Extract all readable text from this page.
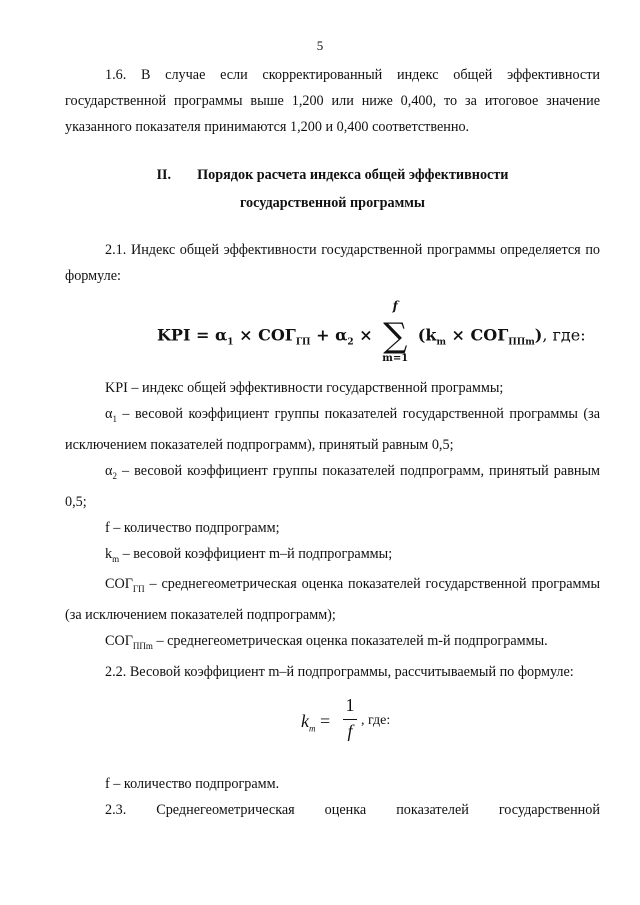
5

1.6. В случае если скорректированный индекс общей эффективности государственной программы выше 1,200 или ниже 0,400, то за итоговое значение указанного показателя принимаются 1,200 и 0,400 соответственно.

II. Порядок расчета индекса общей эффективности
государственной программы

2.1. Индекс общей эффективности государственной программы определяется по формуле:

KPI = $\alpha_1 \times СОГ_{ГП} + \alpha_2$ ×
f
∑
m=1
$(k_m \times СОГ_{ППm})$, где:

KPI – индекс общей эффективности государственной программы;

$\alpha_1$ – весовой коэффициент группы показателей государственной программы (за исключением показателей подпрограмм), принятый равным 0,5;

$\alpha_2$ – весовой коэффициент группы показателей подпрограмм, принятый равным 0,5;

f – количество подпрограмм;

$k_m$ – весовой коэффициент m–й подпрограммы;

$СОГ_{ГП}$ – среднегеометрическая оценка показателей государственной программы (за исключением показателей подпрограмм);

$СОГ_{ППm}$ – среднегеометрическая оценка показателей m-й подпрограммы.

2.2. Весовой коэффициент m–й подпрограммы, рассчитываемый по формуле:

$k_m$ =
1
f
, где:

f – количество подпрограмм.

2.3. Среднегеометрическая оценка показателей государственной
